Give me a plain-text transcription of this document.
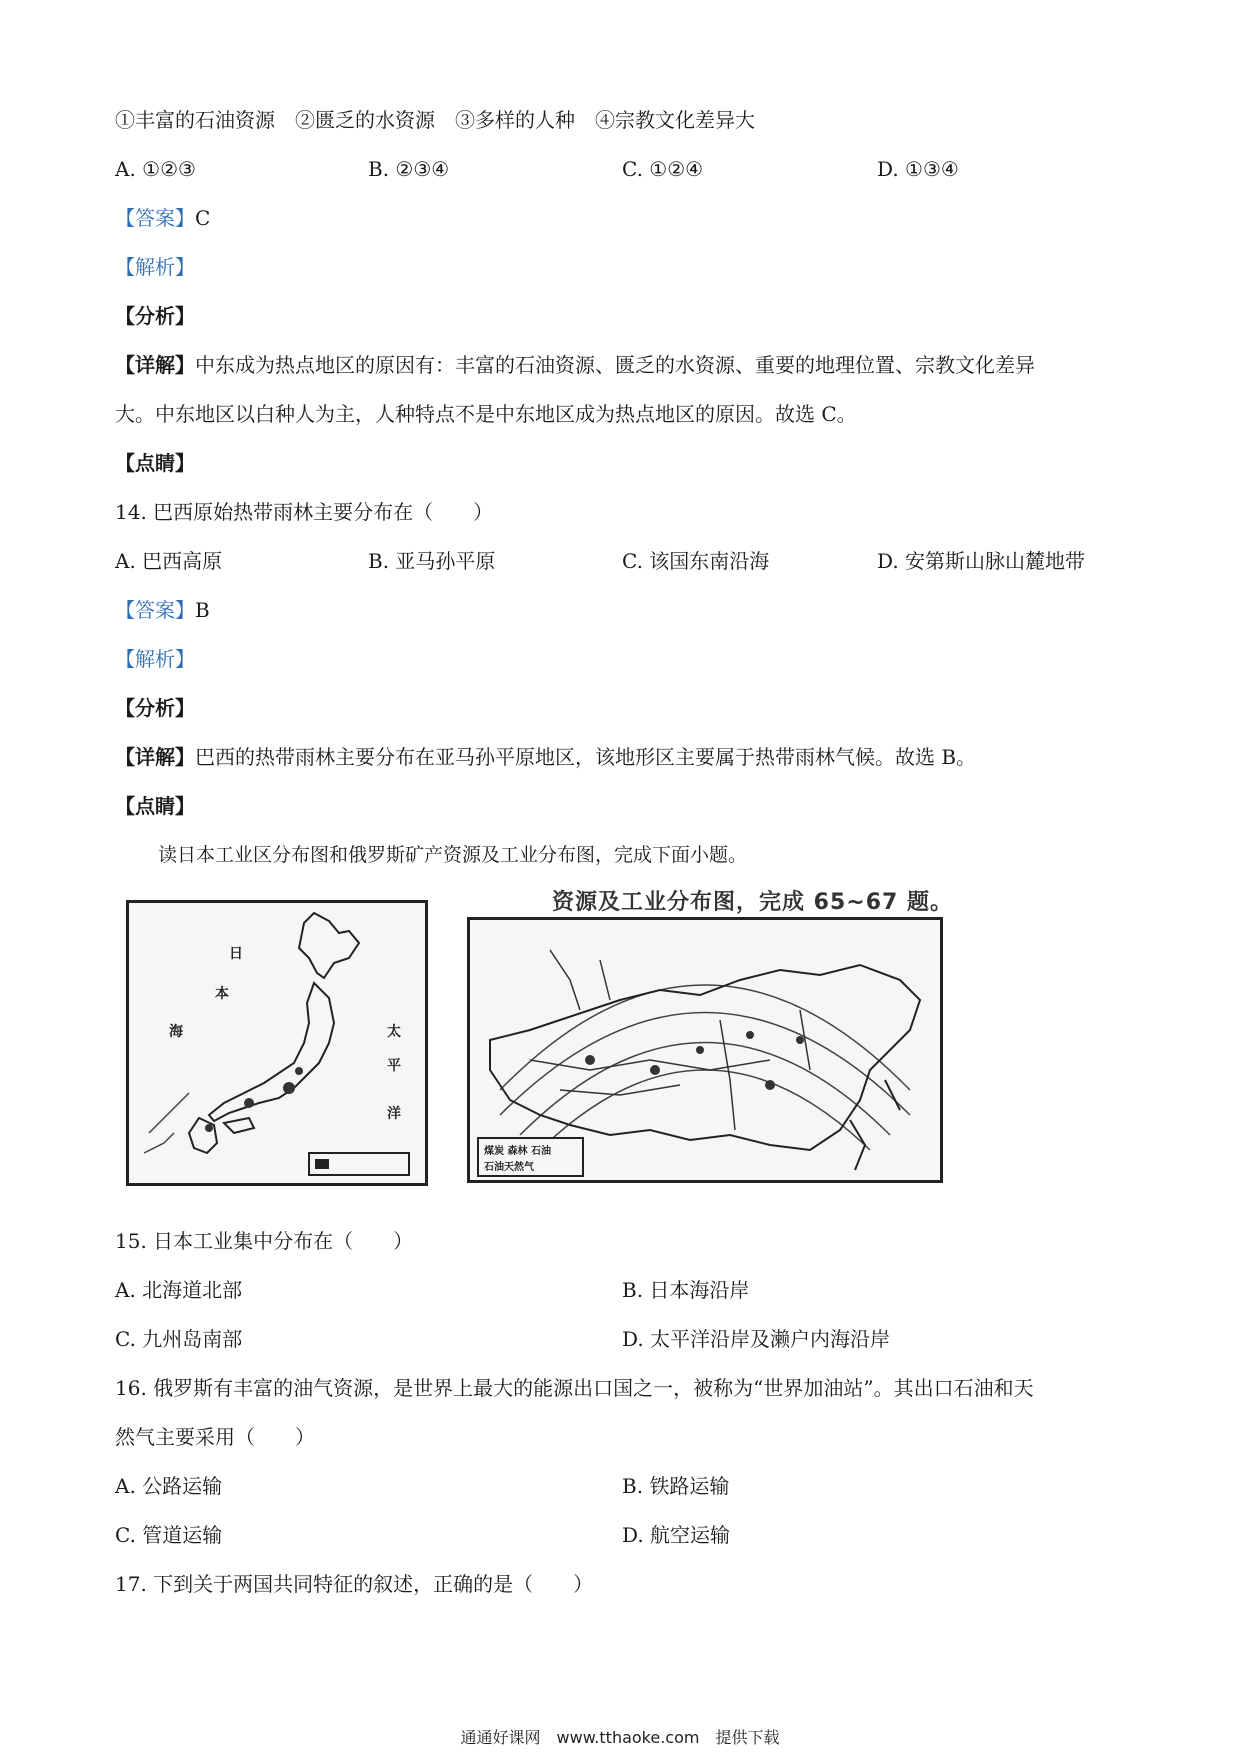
①丰富的石油资源　②匮乏的水资源　③多样的人种　④宗教文化差异大
A. ①②③	B. ②③④	C. ①②④	D. ①③④
【答案】C
【解析】
【分析】
【详解】中东成为热点地区的原因有：丰富的石油资源、匮乏的水资源、重要的地理位置、宗教文化差异
大。中东地区以白种人为主，人种特点不是中东地区成为热点地区的原因。故选 C。
【点睛】
14. 巴西原始热带雨林主要分布在（　　）
A. 巴西高原	B. 亚马孙平原	C. 该国东南沿海	D. 安第斯山脉山麓地带
【答案】B
【解析】
【分析】
【详解】巴西的热带雨林主要分布在亚马孙平原地区，该地形区主要属于热带雨林气候。故选 B。
【点睛】
读日本工业区分布图和俄罗斯矿产资源及工业分布图，完成下面小题。
资源及工业分布图，完成 65~67 题。
日
本
海	太
平
洋
煤炭 森林 石油
石油天然气
15. 日本工业集中分布在（　　）
A. 北海道北部	B. 日本海沿岸
C. 九州岛南部	D. 太平洋沿岸及濑户内海沿岸
16. 俄罗斯有丰富的油气资源，是世界上最大的能源出口国之一，被称为“世界加油站”。其出口石油和天
然气主要采用（　　）
A. 公路运输	B. 铁路运输
C. 管道运输	D. 航空运输
17. 下到关于两国共同特征的叙述，正确的是（　　）
通通好课网　www.tthaoke.com　提供下载
